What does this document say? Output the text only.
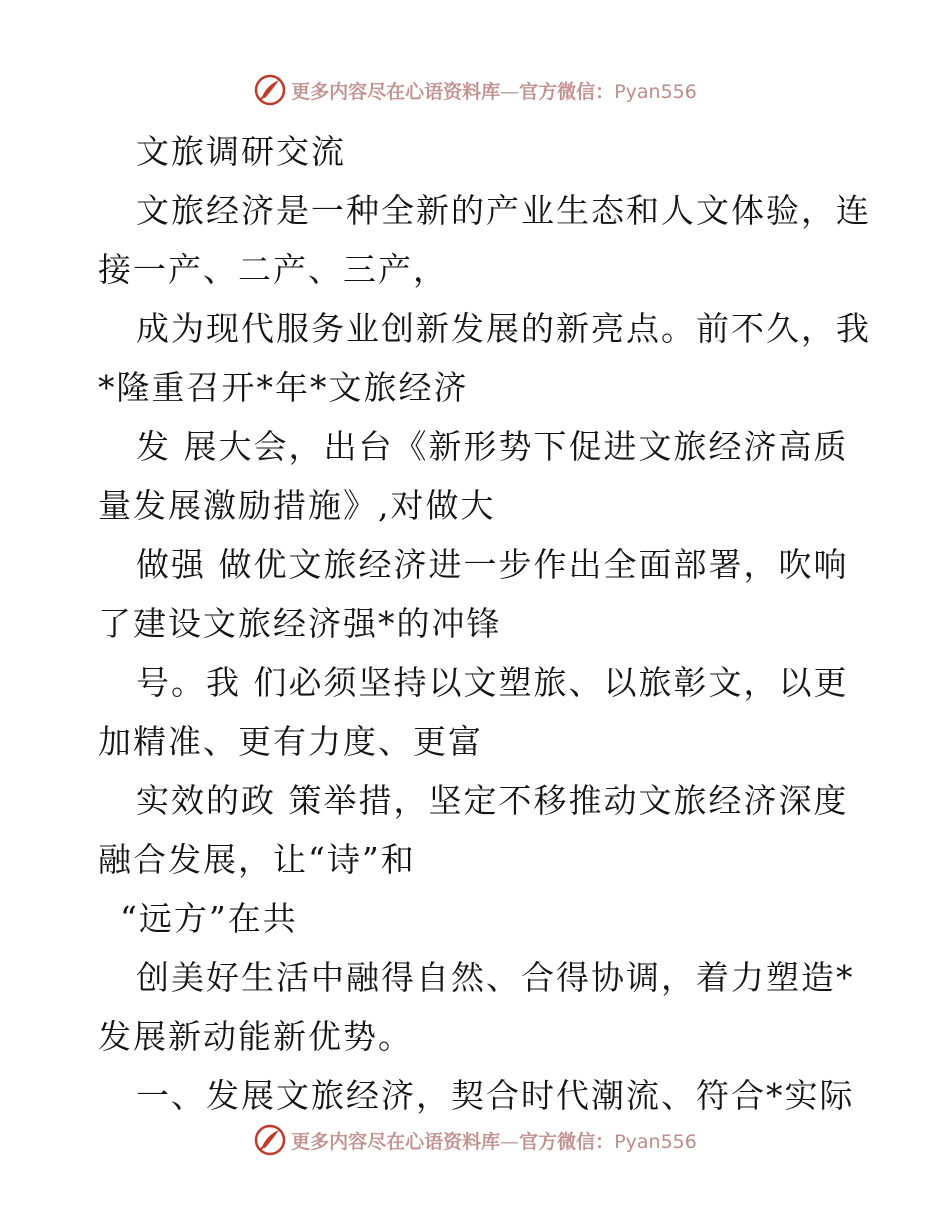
更多内容尽在心语资料库—官方微信：Pyan556
文旅调研交流
文旅经济是一种全新的产业生态和人文体验，连
接一产、二产、三产，
成为现代服务业创新发展的新亮点。前不久，我
*隆重召开*年*文旅经济
发 展大会，出台《新形势下促进文旅经济高质
量发展激励措施》,对做大
做强 做优文旅经济进一步作出全面部署，吹响
了建设文旅经济强*的冲锋
号。我 们必须坚持以文塑旅、以旅彰文，以更
加精准、更有力度、更富
实效的政 策举措，坚定不移推动文旅经济深度
融合发展，让“诗”和
“远方”在共
创美好生活中融得自然、合得协调，着力塑造*
发展新动能新优势。
一、发展文旅经济，契合时代潮流、符合*实际
更多内容尽在心语资料库—官方微信：Pyan556
